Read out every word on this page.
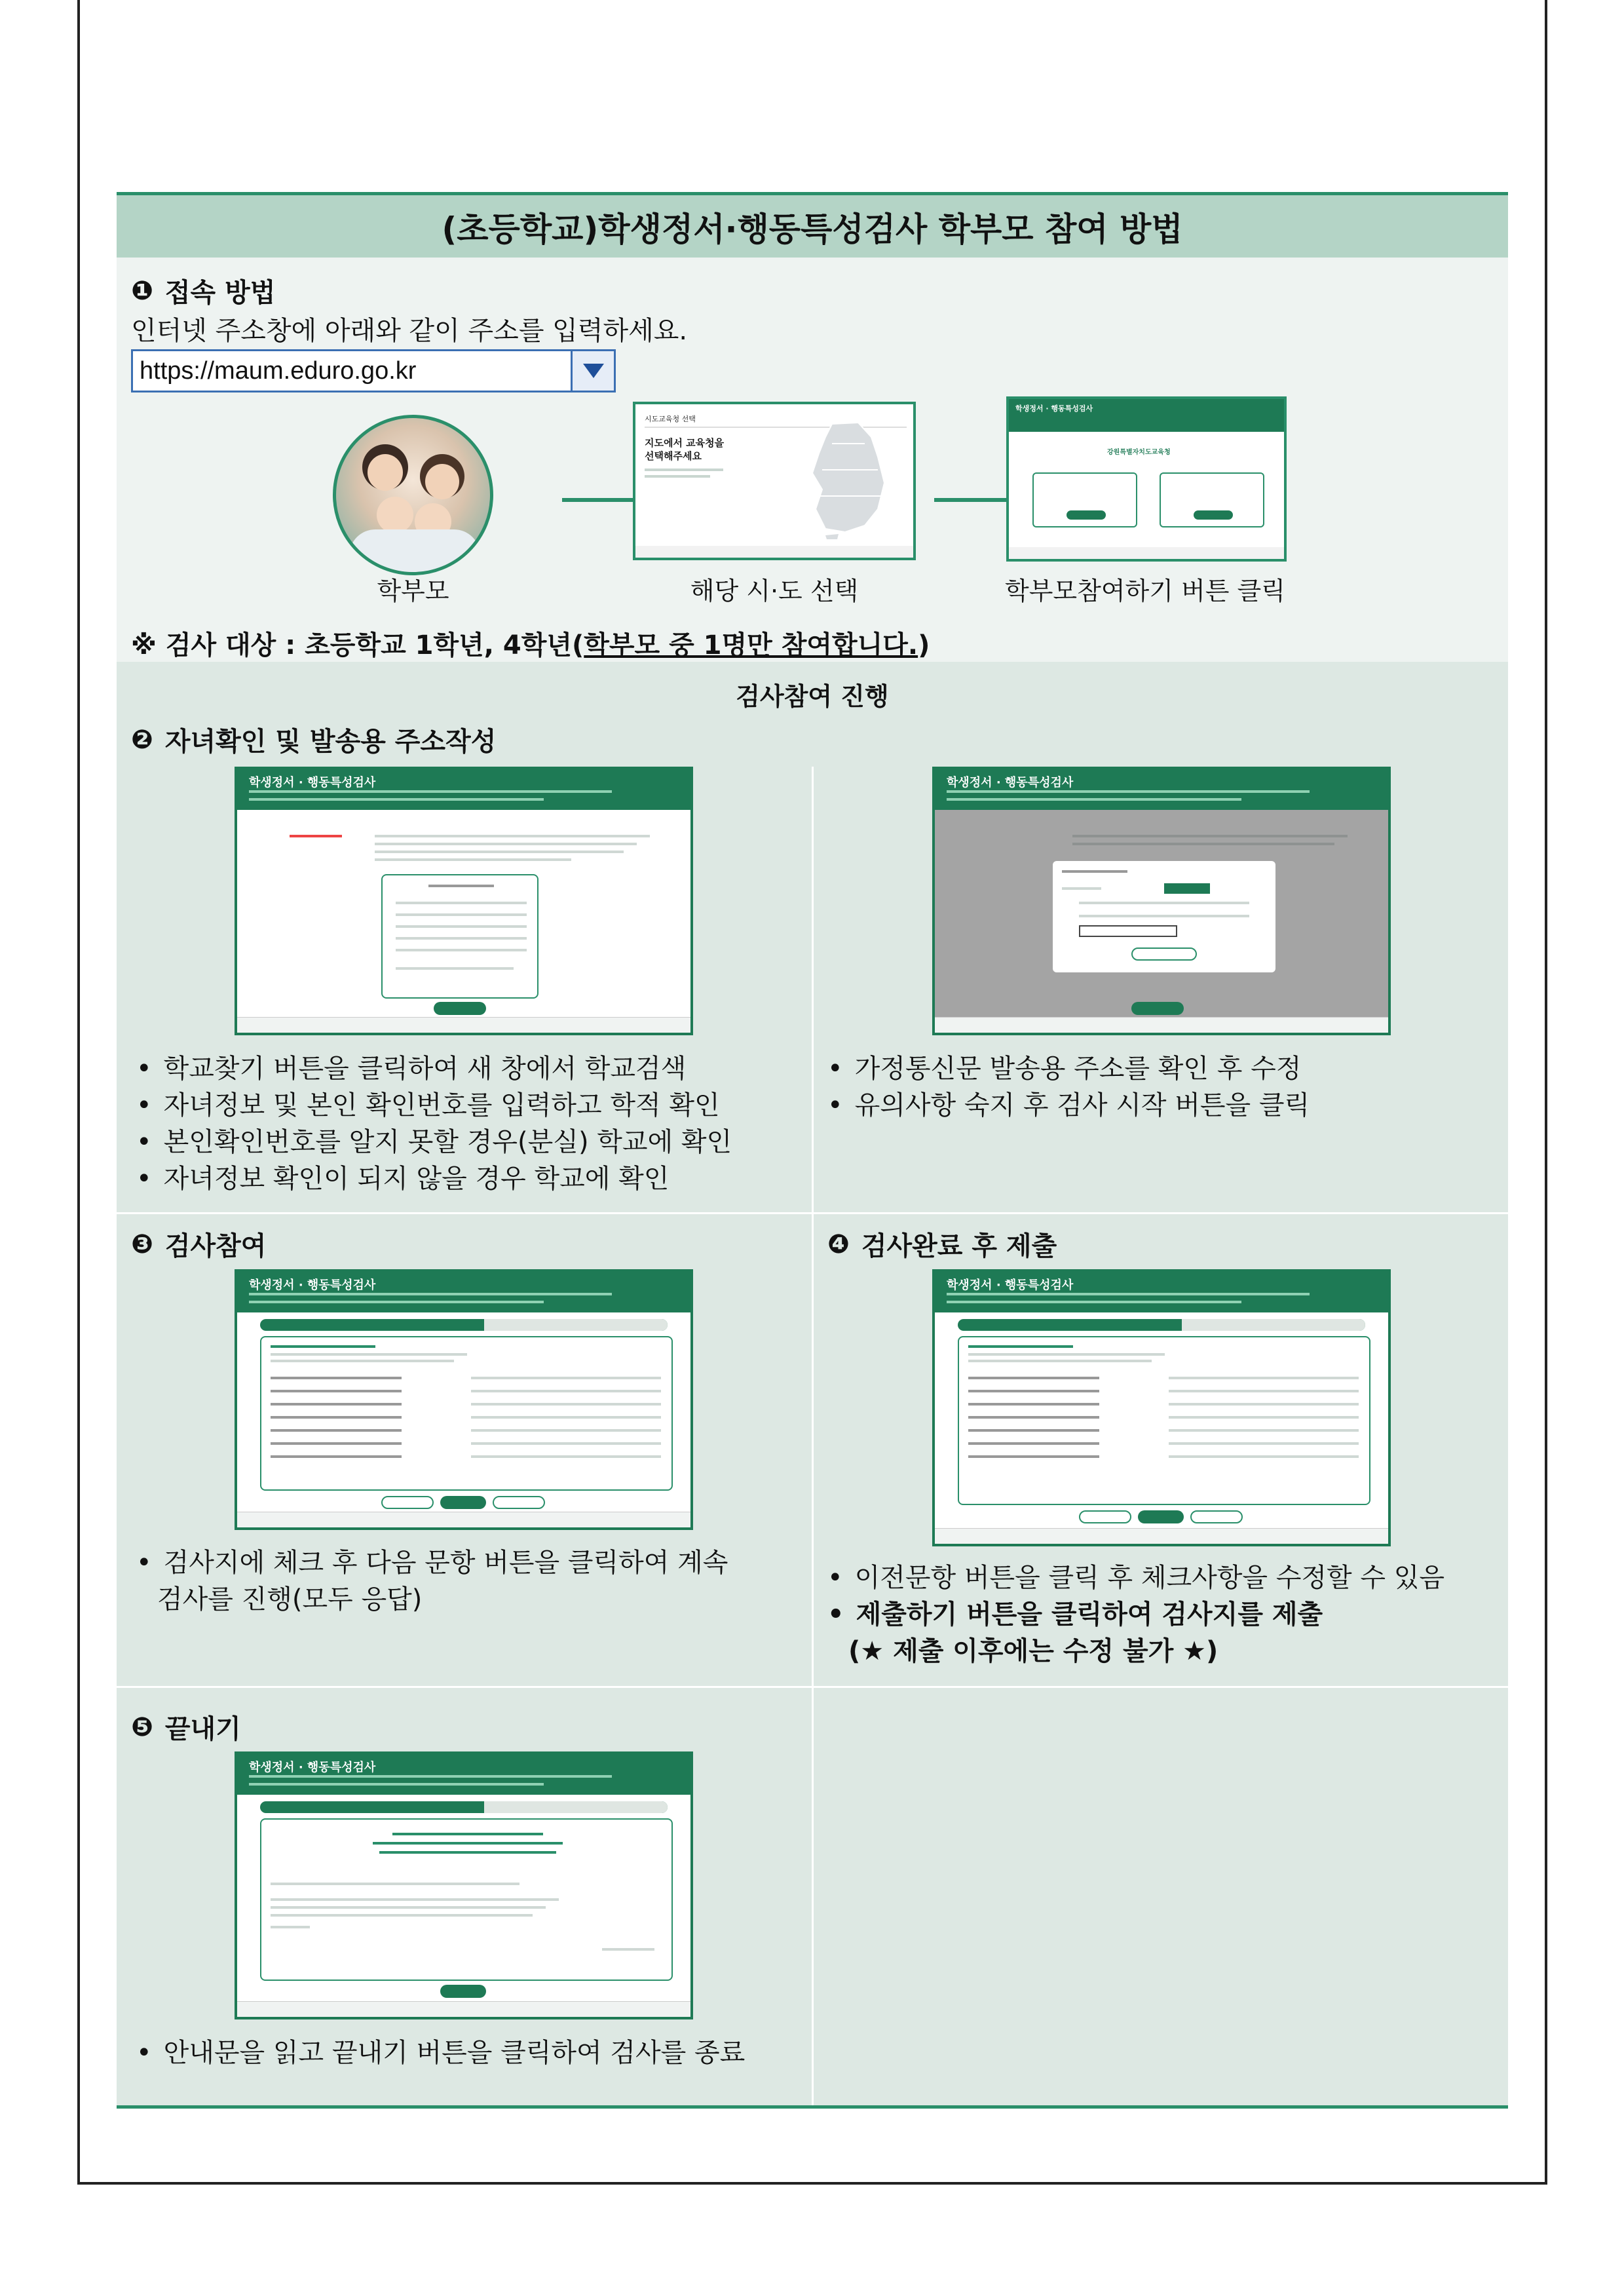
(초등학교)학생정서·행동특성검사 학부모 참여 방법
❶ 접속 방법
인터넷 주소창에 아래와 같이 주소를 입력하세요.
https://maum.eduro.go.kr
시도교육청 선택
지도에서 교육청을
선택해주세요
학생정서 · 행동특성검사
강원특별자치도교육청
학부모	해당 시·도 선택	학부모참여하기 버튼 클릭
※ 검사 대상 : 초등학교 1학년, 4학년(학부모 중 1명만 참여합니다.)
검사참여 진행
❷ 자녀확인 및 발송용 주소작성
학생정서 · 행동특성검사	학생정서 · 행동특성검사
• 학교찾기 버튼을 클릭하여 새 창에서 학교검색
• 자녀정보 및 본인 확인번호를 입력하고 학적 확인
• 본인확인번호를 알지 못할 경우(분실) 학교에 확인
• 자녀정보 확인이 되지 않을 경우 학교에 확인
• 가정통신문 발송용 주소를 확인 후 수정
• 유의사항 숙지 후 검사 시작 버튼을 클릭
❸ 검사참여
학생정서 · 행동특성검사
• 검사지에 체크 후 다음 문항 버튼을 클릭하여 계속
검사를 진행(모두 응답)
❹ 검사완료 후 제출
학생정서 · 행동특성검사
• 이전문항 버튼을 클릭 후 체크사항을 수정할 수 있음
• 제출하기 버튼을 클릭하여 검사지를 제출
(★ 제출 이후에는 수정 불가 ★)
❺ 끝내기
학생정서 · 행동특성검사
• 안내문을 읽고 끝내기 버튼을 클릭하여 검사를 종료
